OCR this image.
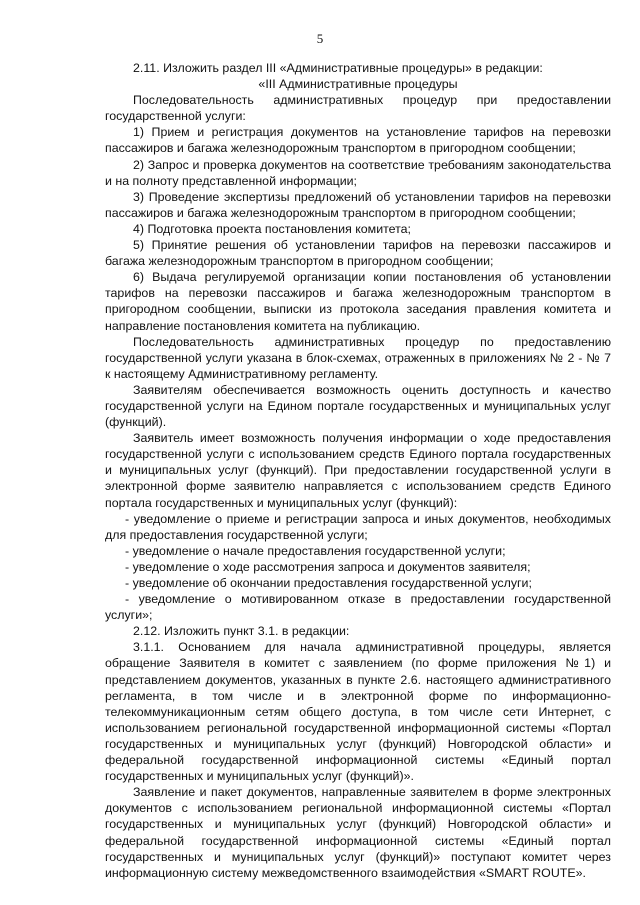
5

2.11. Изложить раздел III «Административные процедуры» в редакции:

«III Административные процедуры

Последовательность административных процедур при предоставлении государственной услуги:

1) Прием и регистрация документов на установление тарифов на перевозки пассажиров и багажа железнодорожным транспортом в пригородном сообщении;

2) Запрос и проверка документов на соответствие требованиям законодательства и на полноту представленной информации;

3) Проведение экспертизы предложений об установлении тарифов на перевозки пассажиров и багажа железнодорожным транспортом в пригородном сообщении;

4) Подготовка проекта постановления комитета;

5) Принятие решения об установлении тарифов на перевозки пассажиров и багажа железнодорожным транспортом в пригородном сообщении;

6) Выдача регулируемой организации копии постановления об установлении тарифов на перевозки пассажиров и багажа железнодорожным транспортом в пригородном сообщении, выписки из протокола заседания правления комитета и направление постановления комитета на публикацию.

Последовательность административных процедур по предоставлению государственной услуги указана в блок-схемах, отраженных в приложениях № 2 - № 7 к настоящему Административному регламенту.

Заявителям обеспечивается возможность оценить доступность и качество государственной услуги на Едином портале государственных и муниципальных услуг (функций).

Заявитель имеет возможность получения информации о ходе предоставления государственной услуги с использованием средств Единого портала государственных и муниципальных услуг (функций). При предоставлении государственной услуги в электронной форме заявителю направляется с использованием средств Единого портала государственных и муниципальных услуг (функций):

- уведомление о приеме и регистрации запроса и иных документов, необходимых для предоставления государственной услуги;

- уведомление о начале предоставления государственной услуги;

- уведомление о ходе рассмотрения запроса и документов заявителя;

- уведомление об окончании предоставления государственной услуги;

- уведомление о мотивированном отказе в предоставлении государственной услуги»;

2.12. Изложить пункт 3.1. в редакции:

3.1.1. Основанием для начала административной процедуры, является обращение Заявителя в комитет с заявлением (по форме приложения №1) и представлением документов, указанных в пункте 2.6. настоящего административного регламента, в том числе и в электронной форме по информационно-телекоммуникационным сетям общего доступа, в том числе сети Интернет, с использованием региональной государственной информационной системы «Портал государственных и муниципальных услуг (функций) Новгородской области» и федеральной государственной информационной системы «Единый портал государственных и муниципальных услуг (функций)».

Заявление и пакет документов, направленные заявителем в форме электронных документов с использованием региональной информационной системы «Портал государственных и муниципальных услуг (функций) Новгородской области» и федеральной государственной информационной системы «Единый портал государственных и муниципальных услуг (функций)» поступают комитет через информационную систему межведомственного взаимодействия «SMART ROUTE».
